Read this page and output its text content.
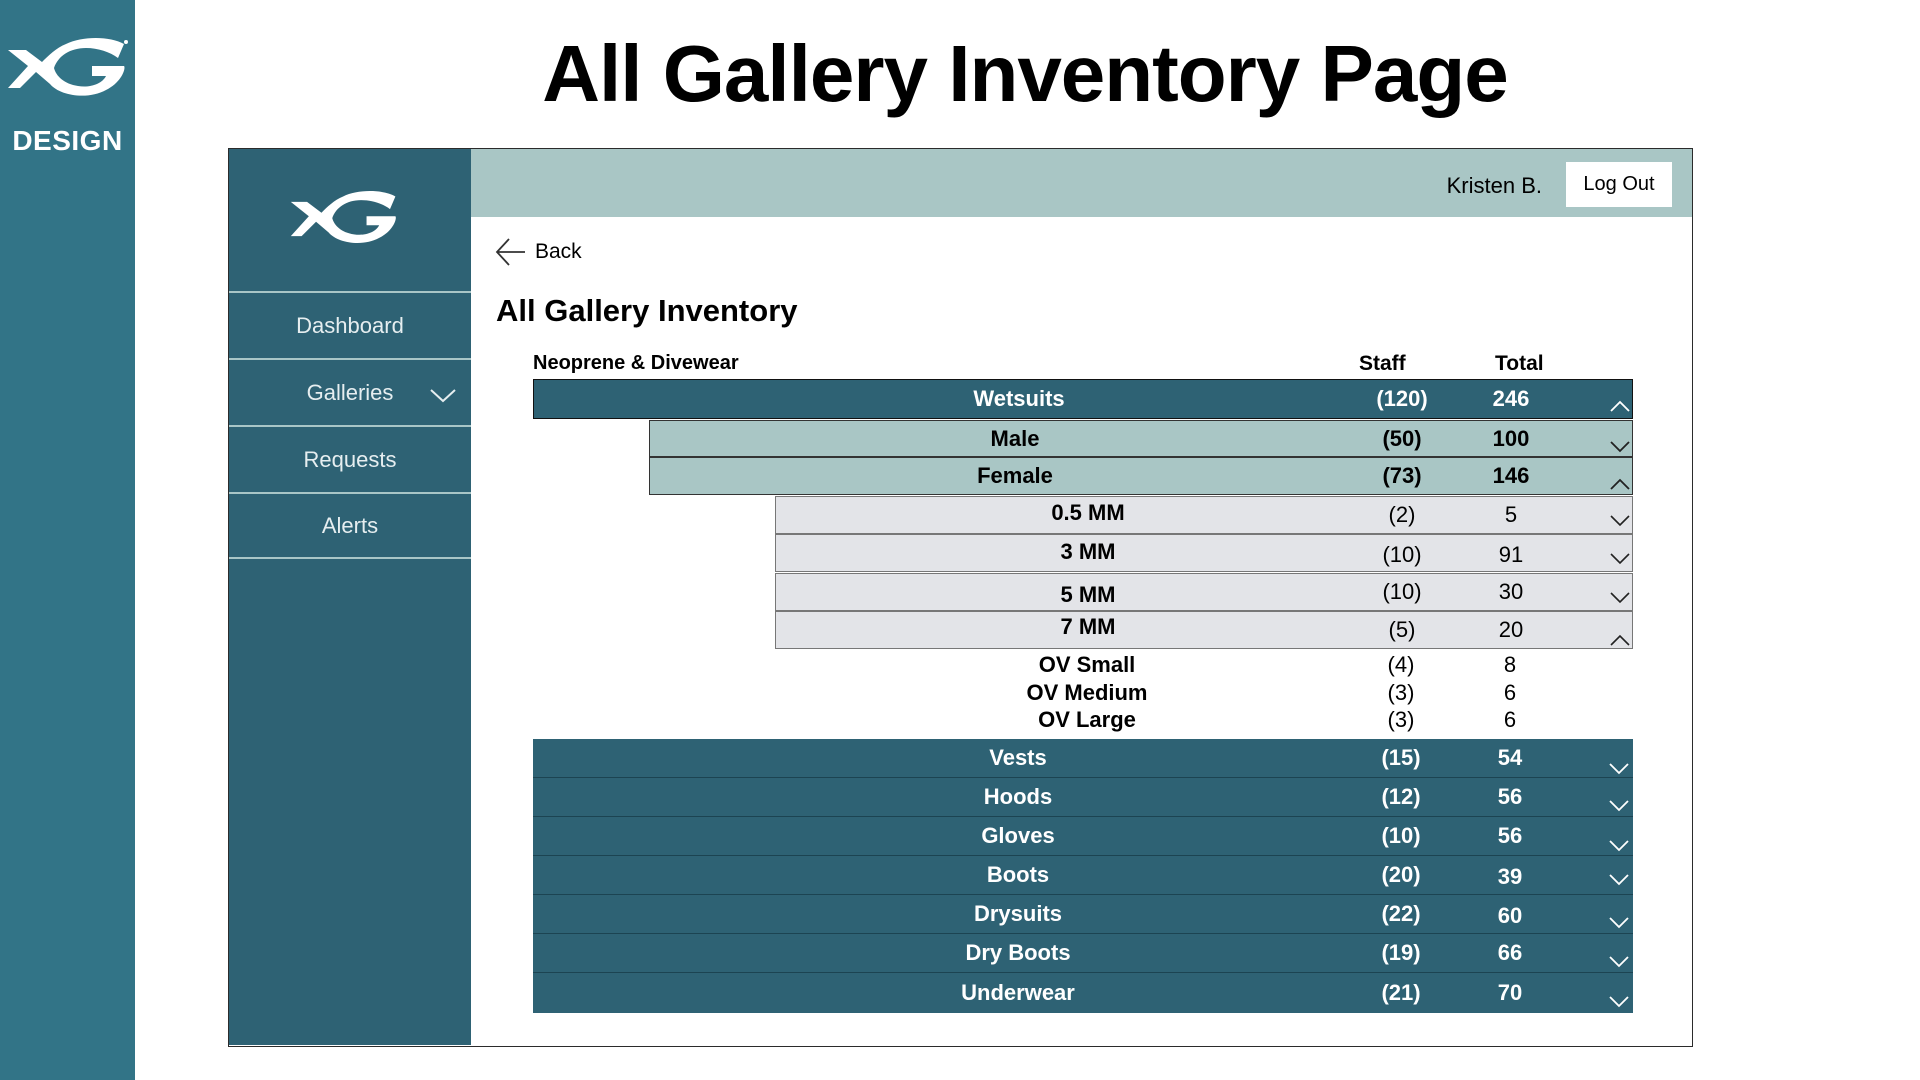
DESIGN
All Gallery Inventory Page
Dashboard
Galleries
Requests
Alerts
Kristen B.	Log Out
Back
All Gallery Inventory
Neoprene & Divewear	Staff	Total
Wetsuits	(120)	246
Male	(50)	100
Female	(73)	146
0.5 MM	(2)	5
3 MM	(10)	91
5 MM	(10)	30
7 MM	(5)	20
OV Small	(4)	8
OV Medium	(3)	6
OV Large	(3)	6
Vests	(15)	54
Hoods	(12)	56
Gloves	(10)	56
Boots	(20)	39
Drysuits	(22)	60
Dry Boots	(19)	66
Underwear	(21)	70
